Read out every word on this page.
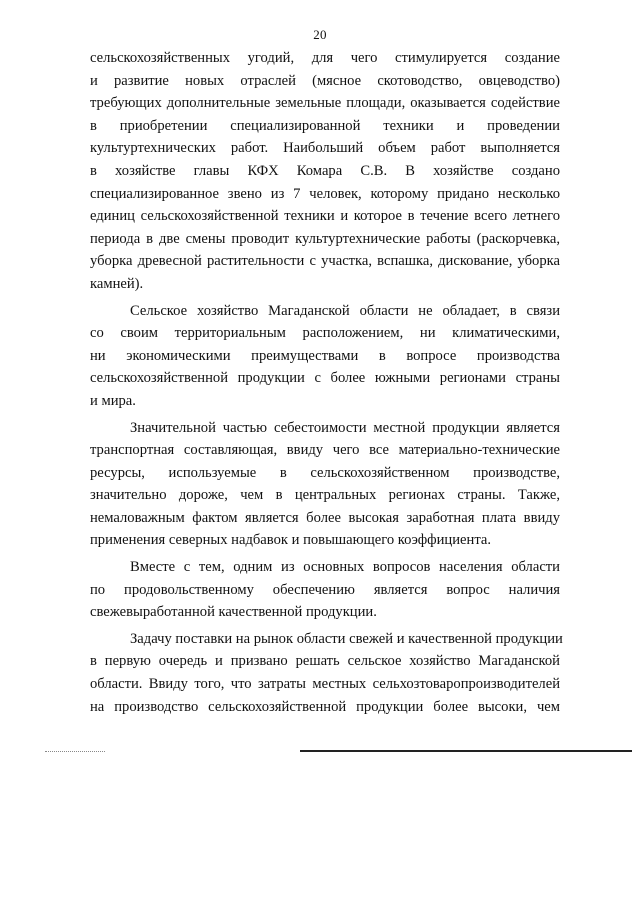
20
сельскохозяйственных угодий, для чего стимулируется создание
и развитие новых отраслей (мясное скотоводство, овцеводство)
требующих дополнительные земельные площади, оказывается содействие
в приобретении специализированной техники и проведении
культуртехнических работ. Наибольший объем работ выполняется
в хозяйстве главы КФХ Комара С.В. В хозяйстве создано
специализированное звено из 7 человек, которому придано несколько
единиц сельскохозяйственной техники и которое в течение всего летнего
периода в две смены проводит культуртехнические работы (раскорчевка,
уборка древесной растительности с участка, вспашка, дискование, уборка
камней).
Сельское хозяйство Магаданской области не обладает, в связи
со своим территориальным расположением, ни климатическими,
ни экономическими преимуществами в вопросе производства
сельскохозяйственной продукции с более южными регионами страны
и мира.
Значительной частью себестоимости местной продукции является
транспортная составляющая, ввиду чего все материально-технические
ресурсы, используемые в сельскохозяйственном производстве,
значительно дороже, чем в центральных регионах страны. Также,
немаловажным фактом является более высокая заработная плата ввиду
применения северных надбавок и повышающего коэффициента.
Вместе с тем, одним из основных вопросов населения области
по продовольственному обеспечению является вопрос наличия
свежевыработанной качественной продукции.
Задачу поставки на рынок области свежей и качественной продукции
в первую очередь и призвано решать сельское хозяйство Магаданской
области. Ввиду того, что затраты местных сельхозтоваропроизводителей
на производство сельскохозяйственной продукции более высоки, чем
